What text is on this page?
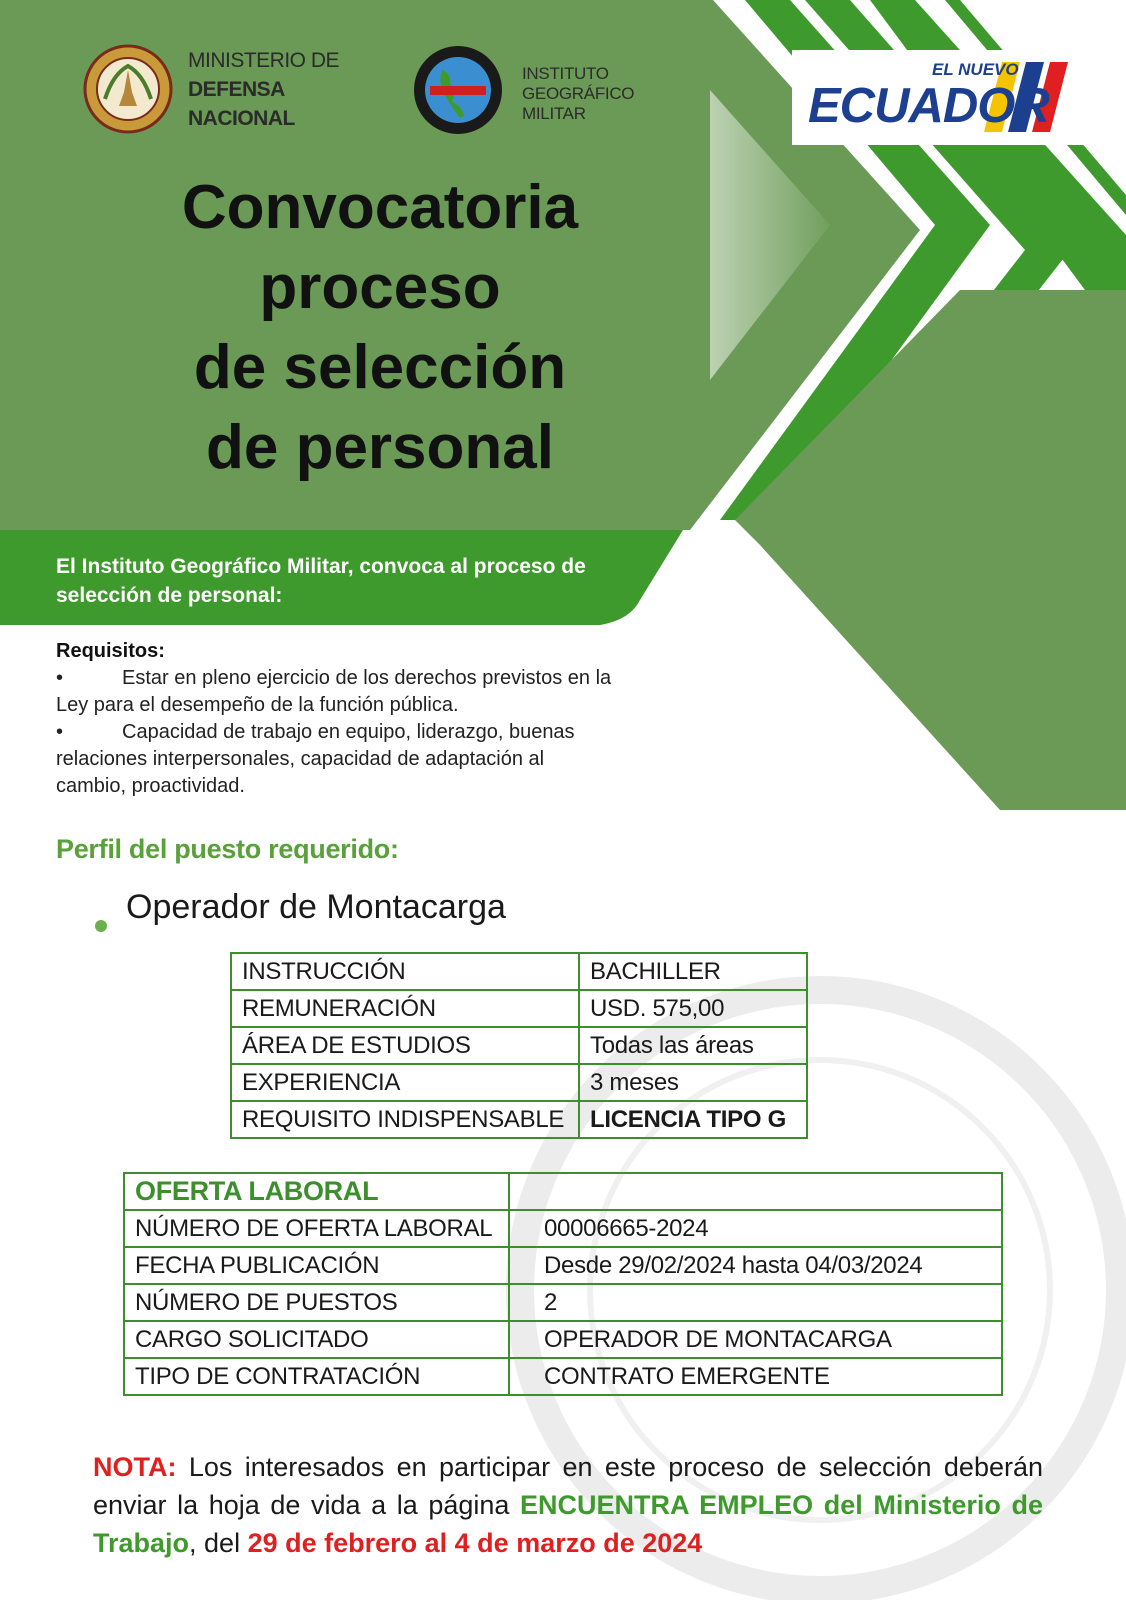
MINISTERIO DE
DEFENSA
NACIONAL
INSTITUTO
GEOGRÁFICO
MILITAR
EL NUEVO
ECUADOR
Convocatoria
proceso
de selección
de personal
El Instituto Geográfico Militar, convoca al proceso de selección de personal:
Requisitos:
•	Estar en pleno ejercicio de los derechos previstos en la
Ley para el desempeño de la función pública.
•	Capacidad de trabajo en equipo, liderazgo, buenas
relaciones interpersonales, capacidad de adaptación al
cambio, proactividad.
Perfil del puesto requerido:
Operador de Montacarga
INSTRUCCIÓN	BACHILLER
REMUNERACIÓN	USD. 575,00
ÁREA DE ESTUDIOS	Todas las áreas
EXPERIENCIA	3 meses
REQUISITO INDISPENSABLE	LICENCIA TIPO G
OFERTA LABORAL	
NÚMERO DE OFERTA LABORAL	00006665-2024
FECHA PUBLICACIÓN	Desde 29/02/2024 hasta 04/03/2024
NÚMERO DE PUESTOS	2
CARGO SOLICITADO	OPERADOR DE MONTACARGA
TIPO DE CONTRATACIÓN	CONTRATO EMERGENTE
NOTA: Los interesados en participar en este proceso de selección deberán enviar la hoja de vida a la página ENCUENTRA EMPLEO del Ministerio de Trabajo, del 29 de febrero al 4 de marzo de 2024
